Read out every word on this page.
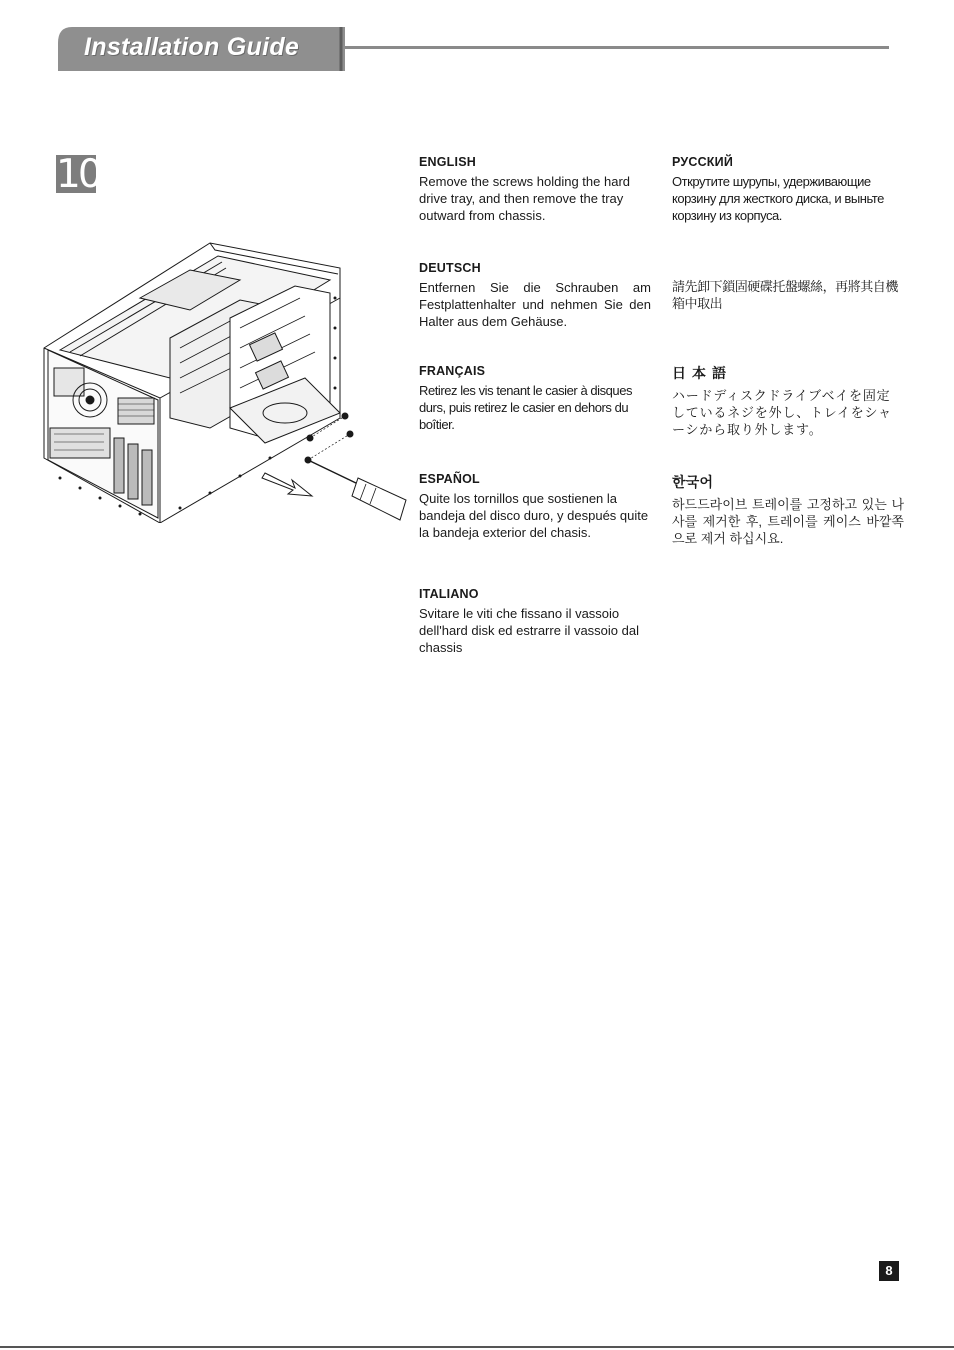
Installation Guide
10	ENGLISH

Remove the screws holding the hard drive tray, and then remove the tray outward from chassis.

DEUTSCH

Entfernen Sie die Schrauben am Festplattenhalter und nehmen Sie den Halter aus dem Gehäuse.

FRANÇAIS

Retirez les vis tenant le casier à disques durs, puis retirez le casier en dehors du boîtier.

ESPAÑOL

Quite los tornillos que sostienen la bandeja del disco duro, y después quite la bandeja exterior del chasis.

ITALIANO

Svitare le viti che fissano il vassoio dell'hard disk ed estrarre il vassoio dal chassis

РУССКИЙ

Открутите шурупы, удерживающие корзину для жесткого диска, и выньте корзину из корпуса.

請先卸下鎖固硬碟托盤螺絲，再將其自機箱中取出

日本語

ハードディスクドライブベイを固定しているネジを外し、トレイをシャーシから取り外します。

한국어

하드드라이브 트레이를 고정하고 있는 나사를 제거한 후, 트레이를 케이스 바깥쪽으로 제거 하십시요.

8
